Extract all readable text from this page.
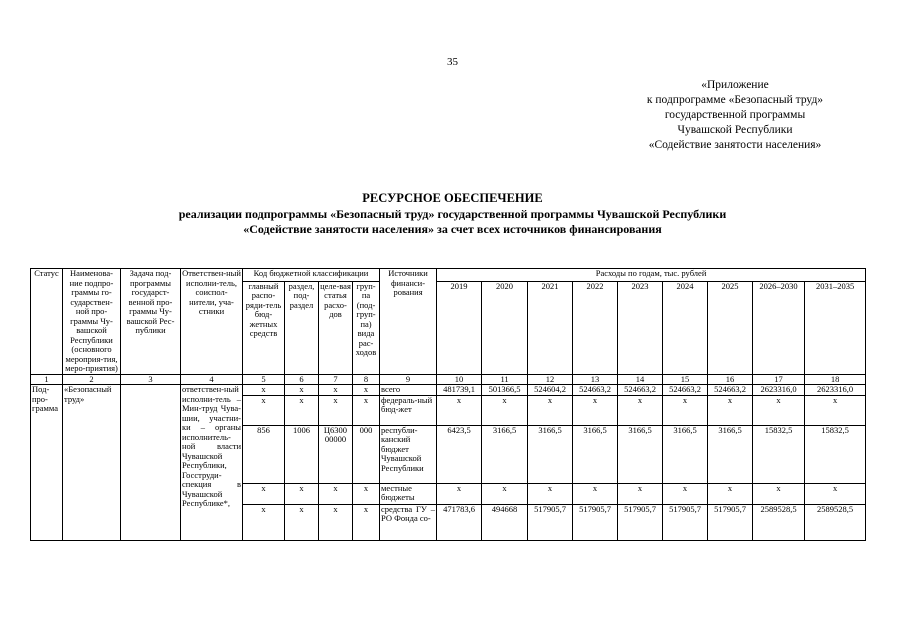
35
«Приложение
к подпрограмме «Безопасный труд»
государственной программы
Чувашской Республики
«Содействие занятости населения»
РЕСУРСНОЕ ОБЕСПЕЧЕНИЕ
реализации подпрограммы «Безопасный труд» государственной программы Чувашской Республики
«Содействие занятости населения» за счет всех источников финансирования
Статус	Наименова-ние подпро-граммы го-сударствен-ной про-граммы Чу-вашской Республики (основного мероприя-тия, меро-приятия)	Задача под-программы государст-венной про-граммы Чу-вашской Рес-публики	Ответствен-ный исполни-тель, соиспол-нители, уча-стники	Код бюджетной классификации				Источники финанси-рования	Расходы по годам, тыс. рублей								
				главный распо-ряди-тель бюд-жетных средств	раздел, под-раздел	целе-вая статья расхо-дов	груп-па (под-груп-па) вида рас-ходов		2019	2020	2021	2022	2023	2024	2025	2026–2030	2031–2035
1	2	3	4	5	6	7	8	9	10	11	12	13	14	15	16	17	18
Под-про-грамма	«Безопасный труд»		ответствен-ный исполни-тель – Мин-труд Чува-шии, участни-ки – органы исполнитель-ной власти Чувашской Республики, Госструди-спекция в Чувашской Республике*,	x	x	x	x	всего	481739,1	501366,5	524604,2	524663,2	524663,2	524663,2	524663,2	2623316,0	2623316,0
				x	x	x	x	федераль-ный бюд-жет	x	x	x	x	x	x	x	x	x
				856	1006	Ц6300 00000	000	республи-канский бюджет Чувашской Республики	6423,5	3166,5	3166,5	3166,5	3166,5	3166,5	3166,5	15832,5	15832,5
				x	x	x	x	местные бюджеты	x	x	x	x	x	x	x	x	x
				x	x	x	x	средства ГУ – РО Фонда со-	471783,6	494668	517905,7	517905,7	517905,7	517905,7	517905,7	2589528,5	2589528,5
